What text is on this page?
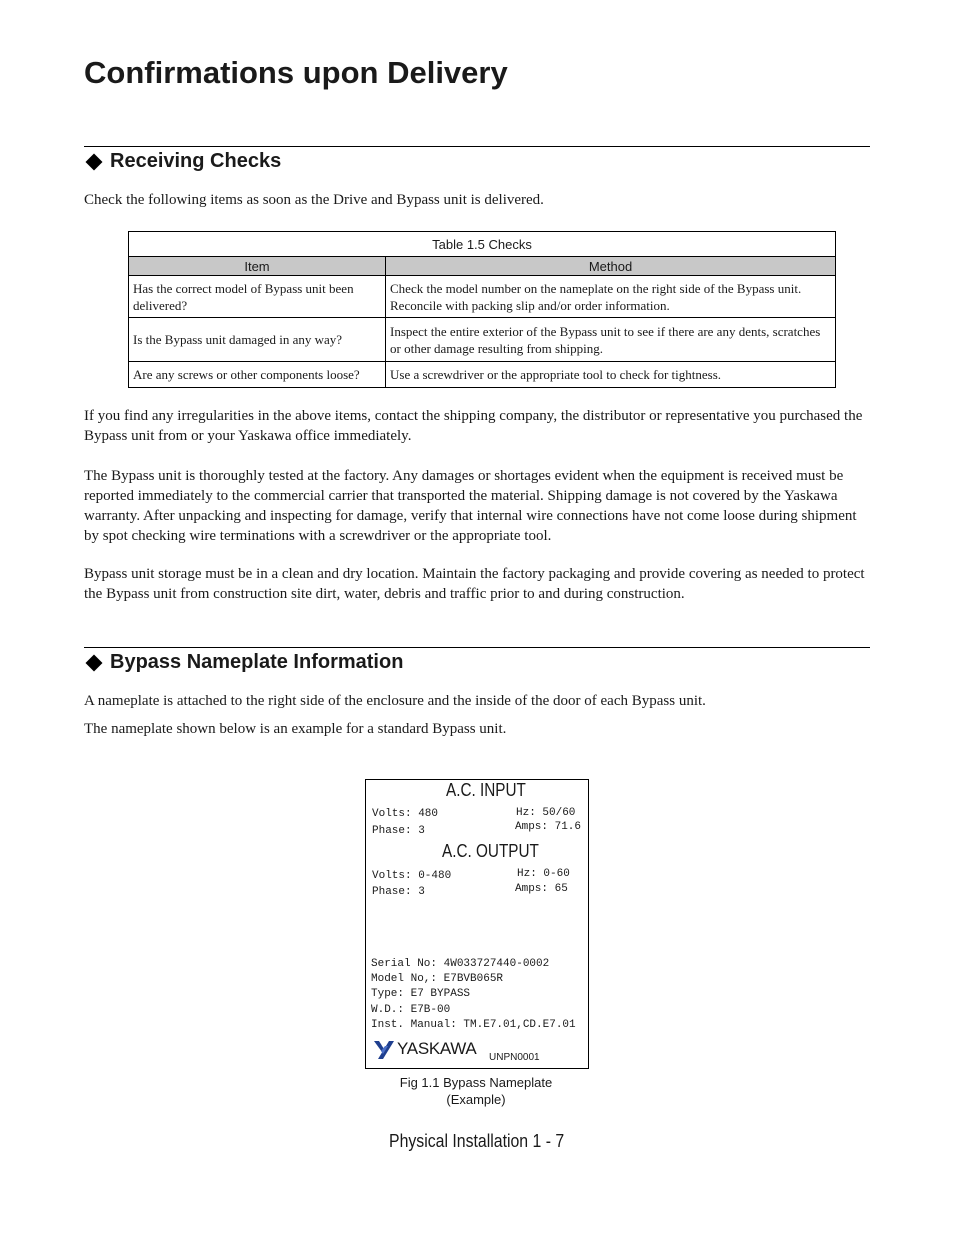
Confirmations upon Delivery
Receiving Checks
Check the following items as soon as the Drive and Bypass unit is delivered.
Table 1.5 Checks	
Item	Method
Has the correct model of Bypass unit been delivered?	Check the model number on the nameplate on the right side of the Bypass unit. Reconcile with packing slip and/or order information.
Is the Bypass unit damaged in any way?	Inspect the entire exterior of the Bypass unit to see if there are any dents, scratches or other damage resulting from shipping.
Are any screws or other components loose?	Use a screwdriver or the appropriate tool to check for tightness.
If you find any irregularities in the above items, contact the shipping company, the distributor or representative you purchased the Bypass unit from or your Yaskawa office immediately.
The Bypass unit is thoroughly tested at the factory. Any damages or shortages evident when the equipment is received must be reported immediately to the commercial carrier that transported the material. Shipping damage is not covered by the Yaskawa warranty. After unpacking and inspecting for damage, verify that internal wire connections have not come loose during shipment by spot checking wire terminations with a screwdriver or the appropriate tool.
Bypass unit storage must be in a clean and dry location. Maintain the factory packaging and provide covering as needed to protect the Bypass unit from construction site dirt, water, debris and traffic prior to and during construction.
Bypass Nameplate Information
A nameplate is attached to the right side of the enclosure and the inside of the door of each Bypass unit.
The nameplate shown below is an example for a standard Bypass unit.
A.C. INPUT
Volts: 480
Phase: 3
Hz: 50/60
Amps: 71.6
A.C. OUTPUT
Volts: 0-480
Phase: 3
Hz: 0-60
Amps: 65
Serial No: 4W033727440-0002
Model No,: E7BVB065R
Type: E7 BYPASS
W.D.: E7B-00
Inst. Manual: TM.E7.01,CD.E7.01
YASKAWA UNPN0001
Fig 1.1 Bypass Nameplate
(Example)
Physical Installation 1 - 7
